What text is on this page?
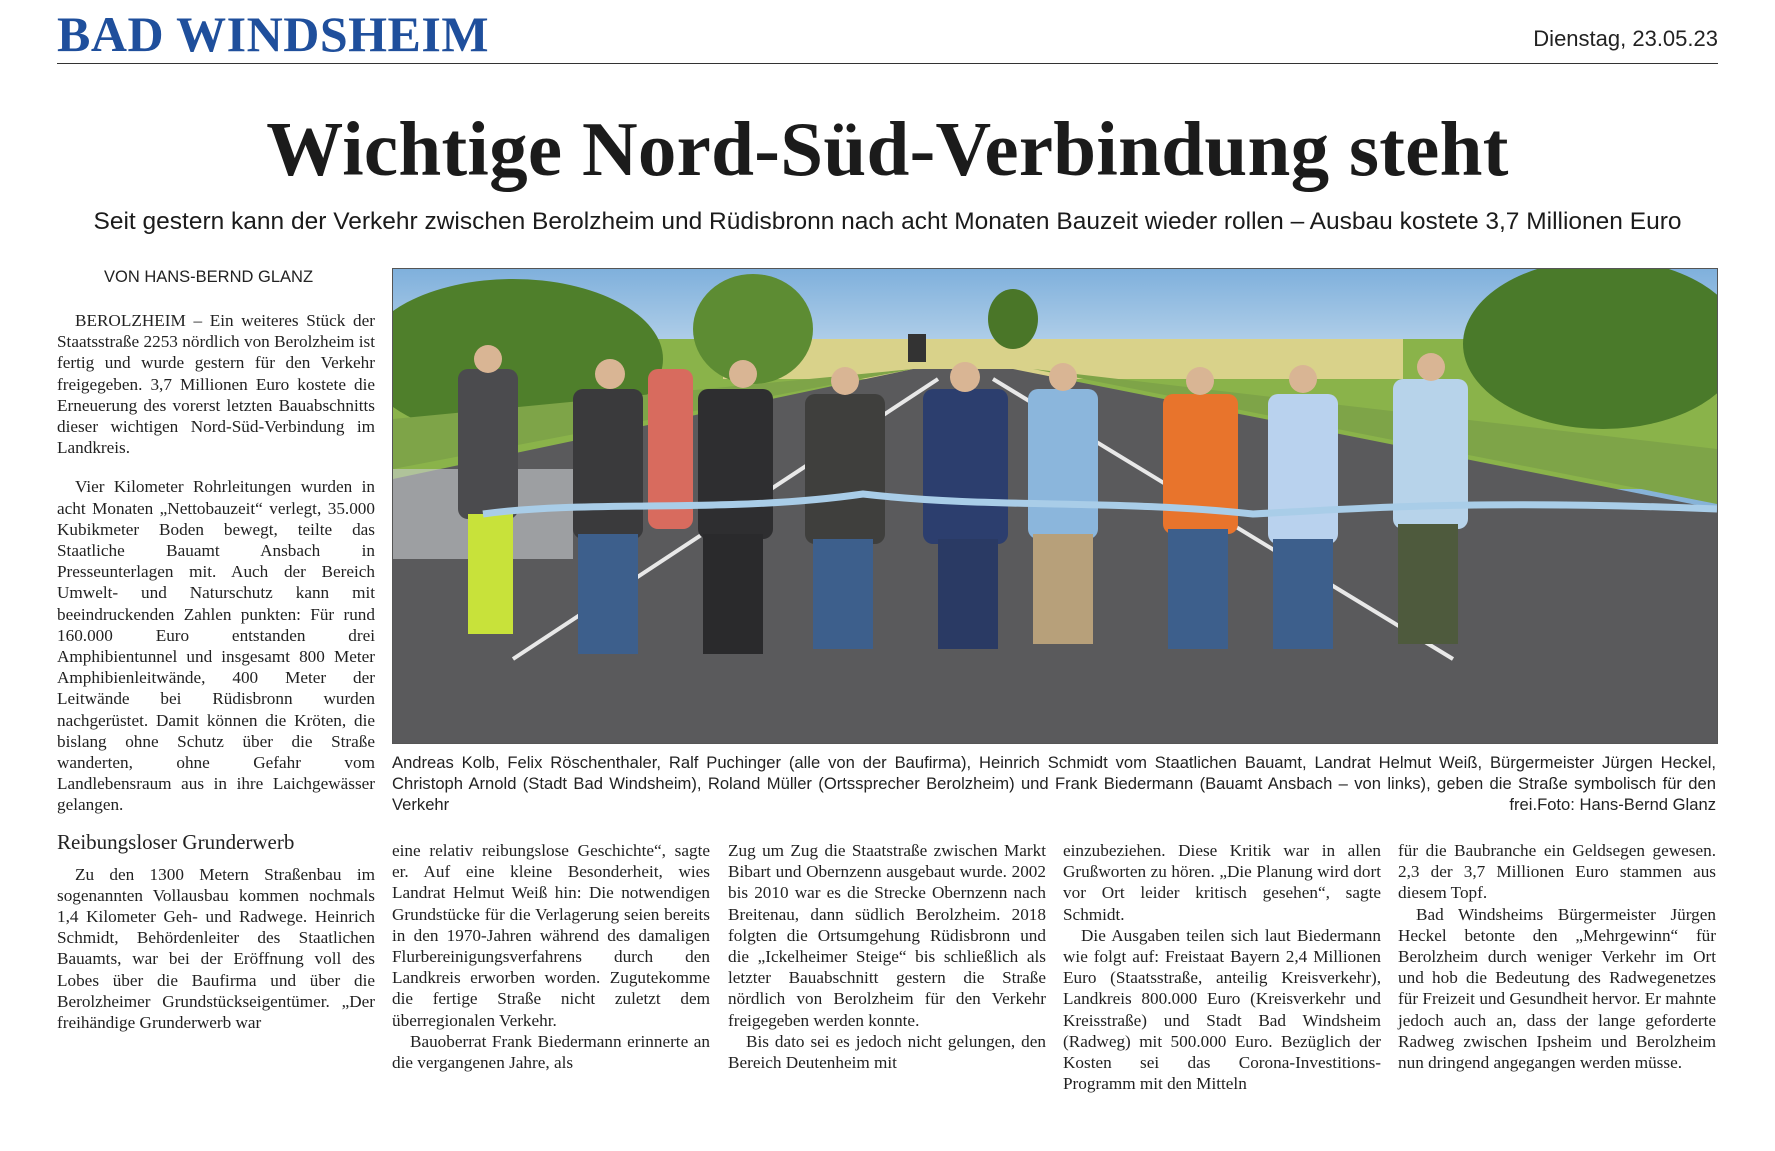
BAD WINDSHEIM	Dienstag, 23.05.23
Wichtige Nord-Süd-Verbindung steht
Seit gestern kann der Verkehr zwischen Berolzheim und Rüdisbronn nach acht Monaten Bauzeit wieder rollen – Ausbau kostete 3,7 Millionen Euro
VON HANS-BERND GLANZ

BEROLZHEIM – Ein weiteres Stück der Staatsstraße 2253 nördlich von Berolzheim ist fertig und wurde gestern für den Verkehr freigegeben. 3,7 Millionen Euro kostete die Erneuerung des vorerst letzten Bauabschnitts dieser wichtigen Nord-Süd-Verbindung im Landkreis.

Vier Kilometer Rohrleitungen wurden in acht Monaten „Nettobauzeit“ verlegt, 35.000 Kubikmeter Boden bewegt, teilte das Staatliche Bauamt Ansbach in Presseunterlagen mit. Auch der Bereich Umwelt- und Naturschutz kann mit beeindruckenden Zahlen punkten: Für rund 160.000 Euro entstanden drei Amphibientunnel und insgesamt 800 Meter Amphibienleitwände, 400 Meter der Leitwände bei Rüdisbronn wurden nachgerüstet. Damit können die Kröten, die bislang ohne Schutz über die Straße wanderten, ohne Gefahr vom Landlebensraum aus in ihre Laichgewässer gelangen.

Reibungsloser Grunderwerb

Zu den 1300 Metern Straßenbau im sogenannten Vollausbau kommen nochmals 1,4 Kilometer Geh- und Radwege. Heinrich Schmidt, Behördenleiter des Staatlichen Bauamts, war bei der Eröffnung voll des Lobes über die Baufirma und über die Berolzheimer Grundstückseigentümer. „Der freihändige Grunderwerb war

Andreas Kolb, Felix Röschenthaler, Ralf Puchinger (alle von der Baufirma), Heinrich Schmidt vom Staatlichen Bauamt, Landrat Helmut Weiß, Bürgermeister Jürgen Heckel, Christoph Arnold (Stadt Bad Windsheim), Roland Müller (Ortssprecher Berolzheim) und Frank Biedermann (Bauamt Ansbach – von links), geben die Straße symbolisch für den Verkehr frei. Foto: Hans-Bernd Glanz

eine relativ reibungslose Geschichte“, sagte er. Auf eine kleine Besonderheit, wies Landrat Helmut Weiß hin: Die notwendigen Grundstücke für die Verlagerung seien bereits in den 1970-Jahren während des damaligen Flurbereinigungsverfahrens durch den Landkreis erworben worden. Zugutekomme die fertige Straße nicht zuletzt dem überregionalen Verkehr.

Bauoberrat Frank Biedermann erinnerte an die vergangenen Jahre, als

Zug um Zug die Staatstraße zwischen Markt Bibart und Obernzenn ausgebaut wurde. 2002 bis 2010 war es die Strecke Obernzenn nach Breitenau, dann südlich Berolzheim. 2018 folgten die Ortsumgehung Rüdisbronn und die „Ickelheimer Steige“ bis schließlich als letzter Bauabschnitt gestern die Straße nördlich von Berolzheim für den Verkehr freigegeben werden konnte.

Bis dato sei es jedoch nicht gelungen, den Bereich Deutenheim mit

einzubeziehen. Diese Kritik war in allen Grußworten zu hören. „Die Planung wird dort vor Ort leider kritisch gesehen“, sagte Schmidt.

Die Ausgaben teilen sich laut Biedermann wie folgt auf: Freistaat Bayern 2,4 Millionen Euro (Staatsstraße, anteilig Kreisverkehr), Landkreis 800.000 Euro (Kreisverkehr und Kreisstraße) und Stadt Bad Windsheim (Radweg) mit 500.000 Euro. Bezüglich der Kosten sei das Corona-Investitions-Programm mit den Mitteln

für die Baubranche ein Geldsegen gewesen. 2,3 der 3,7 Millionen Euro stammen aus diesem Topf.

Bad Windsheims Bürgermeister Jürgen Heckel betonte den „Mehrgewinn“ für Berolzheim durch weniger Verkehr im Ort und hob die Bedeutung des Radwegenetzes für Freizeit und Gesundheit hervor. Er mahnte jedoch auch an, dass der lange geforderte Radweg zwischen Ipsheim und Berolzheim nun dringend angegangen werden müsse.
